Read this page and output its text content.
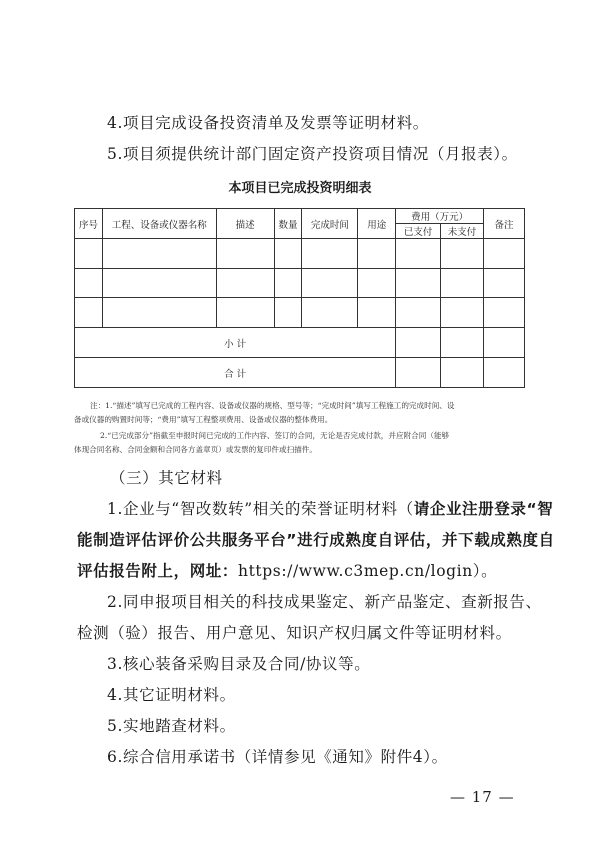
4.项目完成设备投资清单及发票等证明材料。
5.项目须提供统计部门固定资产投资项目情况（月报表）。
本项目已完成投资明细表
序号	工程、设备或仪器名称	描述	数量	完成时间	用途	费用（万元）		备注
						已支付	未支付	

小 计								
合 计								
注：1.“描述”填写已完成的工程内容、设备或仪器的规格、型号等；“完成时间”填写工程施工的完成时间、设
备或仪器的购置时间等；“费用”填写工程整项费用、设备或仪器的整体费用。
2.“已完成部分”指截至申报时间已完成的工作内容、签订的合同，无论是否完成付款，并应附合同（能够
体现合同名称、合同金额和合同各方盖章页）或发票的复印件或扫描件。
（三）其它材料
1.企业与“智改数转”相关的荣誉证明材料（请企业注册登录“智
能制造评估评价公共服务平台”进行成熟度自评估，并下载成熟度自
评估报告附上，网址：https://www.c3mep.cn/login）。
2.同申报项目相关的科技成果鉴定、新产品鉴定、查新报告、
检测（验）报告、用户意见、知识产权归属文件等证明材料。
3.核心装备采购目录及合同/协议等。
4.其它证明材料。
5.实地踏查材料。
6.综合信用承诺书（详情参见《通知》附件4）。
— 17 —
